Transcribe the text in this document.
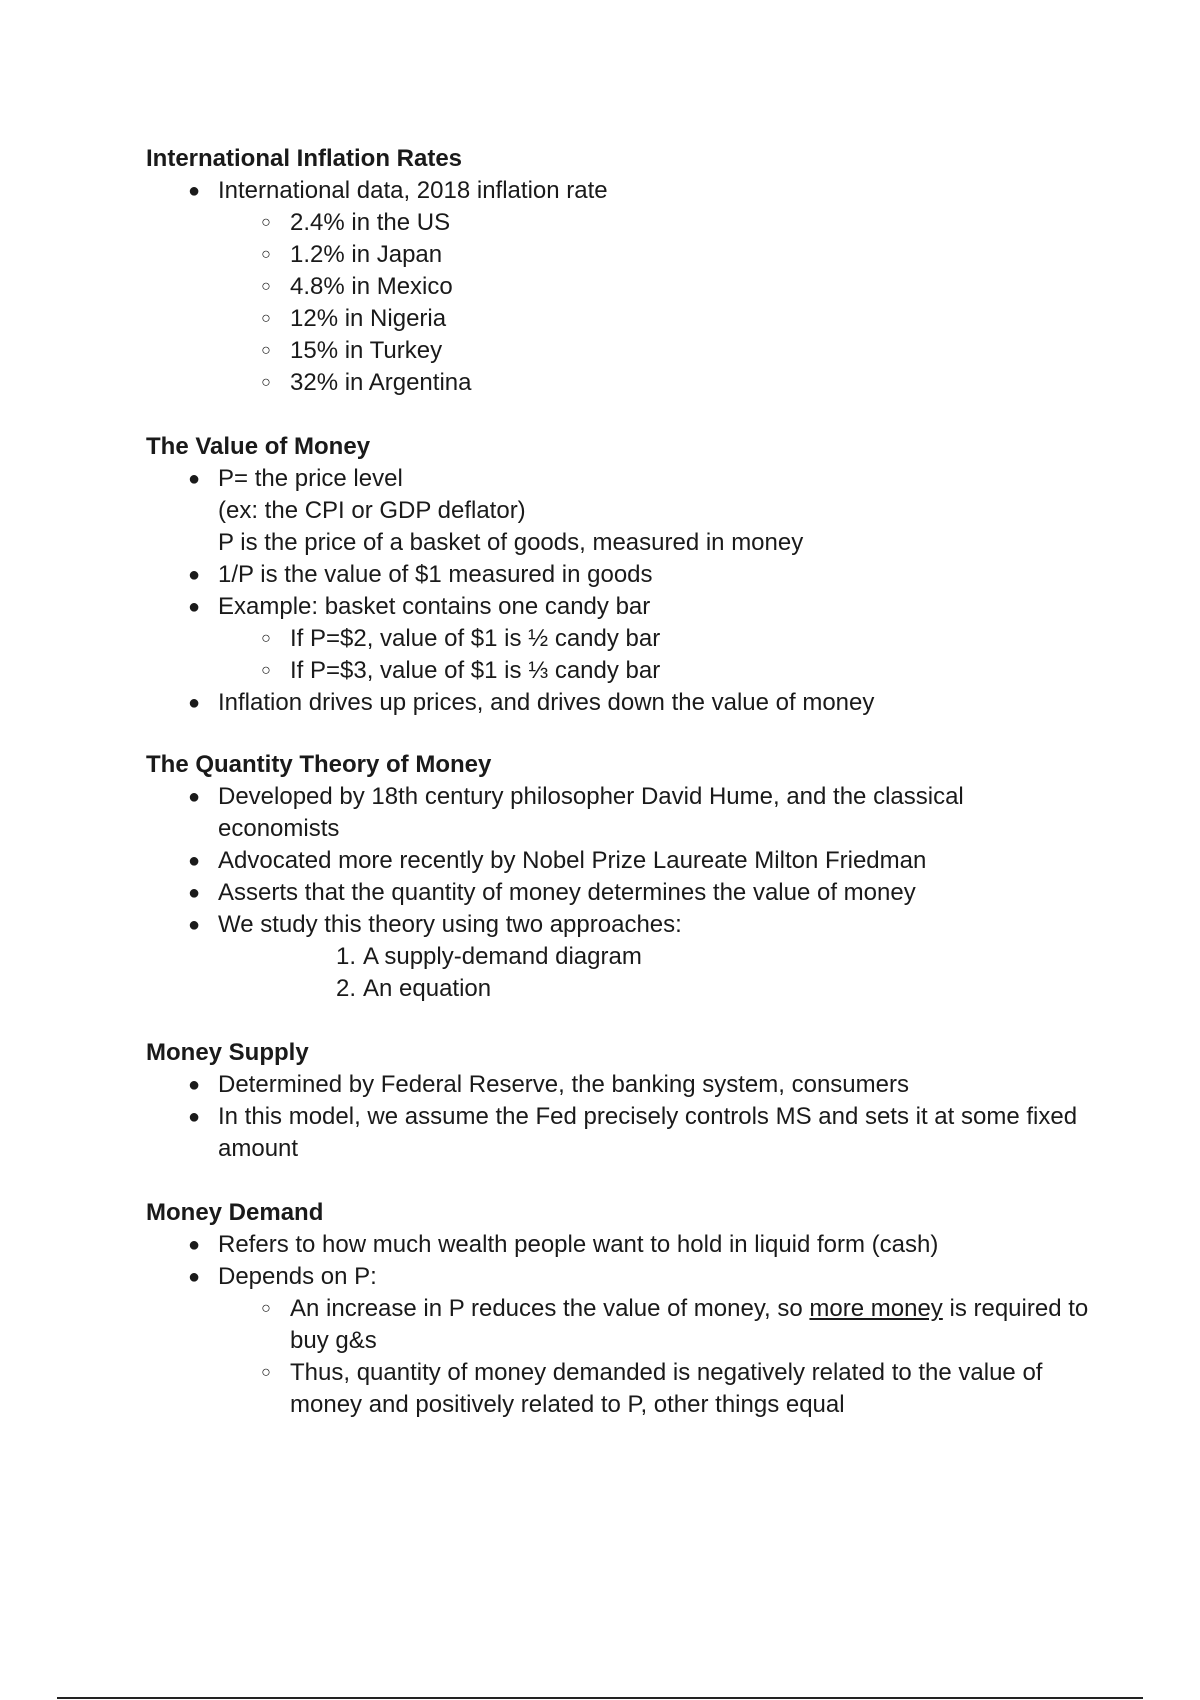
International Inflation Rates
● International data, 2018 inflation rate
○ 2.4% in the US
○ 1.2% in Japan
○ 4.8% in Mexico
○ 12% in Nigeria
○ 15% in Turkey
○ 32% in Argentina
The Value of Money
● P= the price level
(ex: the CPI or GDP deflator)
P is the price of a basket of goods, measured in money
● 1/P is the value of $1 measured in goods
● Example: basket contains one candy bar
○ If P=$2, value of $1 is ½ candy bar
○ If P=$3, value of $1 is ⅓ candy bar
● Inflation drives up prices, and drives down the value of money
The Quantity Theory of Money
● Developed by 18th century philosopher David Hume, and the classical economists
● Advocated more recently by Nobel Prize Laureate Milton Friedman
● Asserts that the quantity of money determines the value of money
● We study this theory using two approaches:
1. A supply-demand diagram
2. An equation
Money Supply
● Determined by Federal Reserve, the banking system, consumers
● In this model, we assume the Fed precisely controls MS and sets it at some fixed amount
Money Demand
● Refers to how much wealth people want to hold in liquid form (cash)
● Depends on P:
○ An increase in P reduces the value of money, so more money is required to buy g&s
○ Thus, quantity of money demanded is negatively related to the value of money and positively related to P, other things equal
